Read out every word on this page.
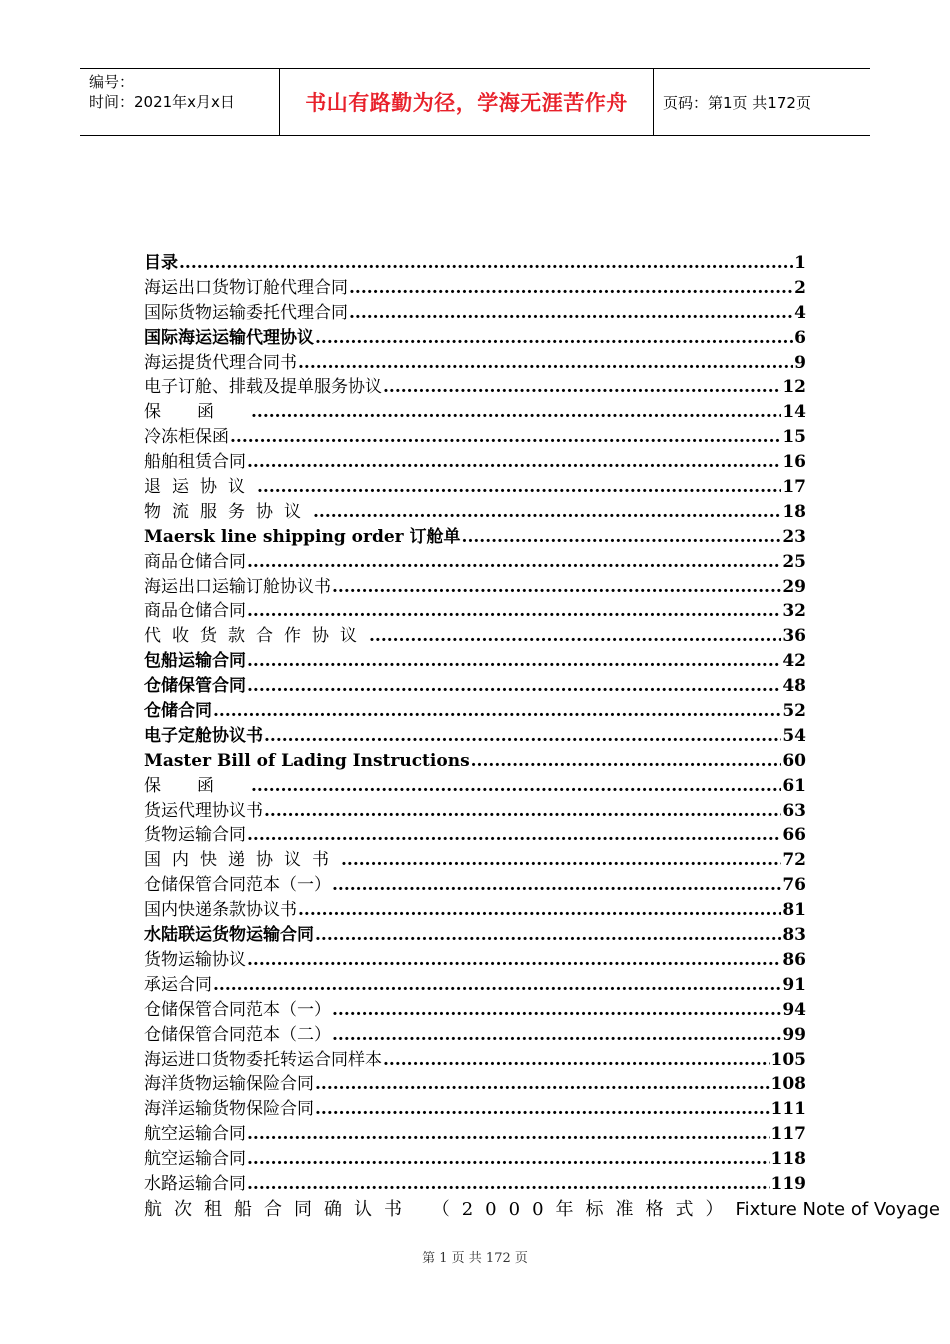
编号：
时间：2021年x月x日	书山有路勤为径，学海无涯苦作舟	页码：第1页 共172页
目录 .....	1
海运出口货物订舱代理合同 .....	2
国际货物运输委托代理合同 .....	4
国际海运运输代理协议 .....	6
海运提货代理合同书 .....	9
电子订舱、排载及提单服务协议 .....	12
保函 .....	14
冷冻柜保函 .....	15
船舶租赁合同 .....	16
退运协议 .....	17
物流服务协议 .....	18
Maersk line shipping order 订舱单 .....	23
商品仓储合同 .....	25
海运出口运输订舱协议书 .....	29
商品仓储合同 .....	32
代收货款合作协议 .....	36
包船运输合同 .....	42
仓储保管合同 .....	48
仓储合同 .....	52
电子定舱协议书 .....	54
Master Bill of Lading Instructions .....	60
保函 .....	61
货运代理协议书 .....	63
货物运输合同 .....	66
国内快递协议书 .....	72
仓储保管合同范本（一） .....	76
国内快递条款协议书 .....	81
水陆联运货物运输合同 .....	83
货物运输协议 .....	86
承运合同 .....	91
仓储保管合同范本（一） .....	94
仓储保管合同范本（二） .....	99
海运进口货物委托转运合同样本 .....	105
海洋货物运输保险合同 .....	108
海洋运输货物保险合同 .....	111
航空运输合同 .....	117
航空运输合同 .....	118
水路运输合同 .....	119
航次租船合同确认书 （2000年标准格式） Fixture Note of Voyage
第 1 页 共 172 页
